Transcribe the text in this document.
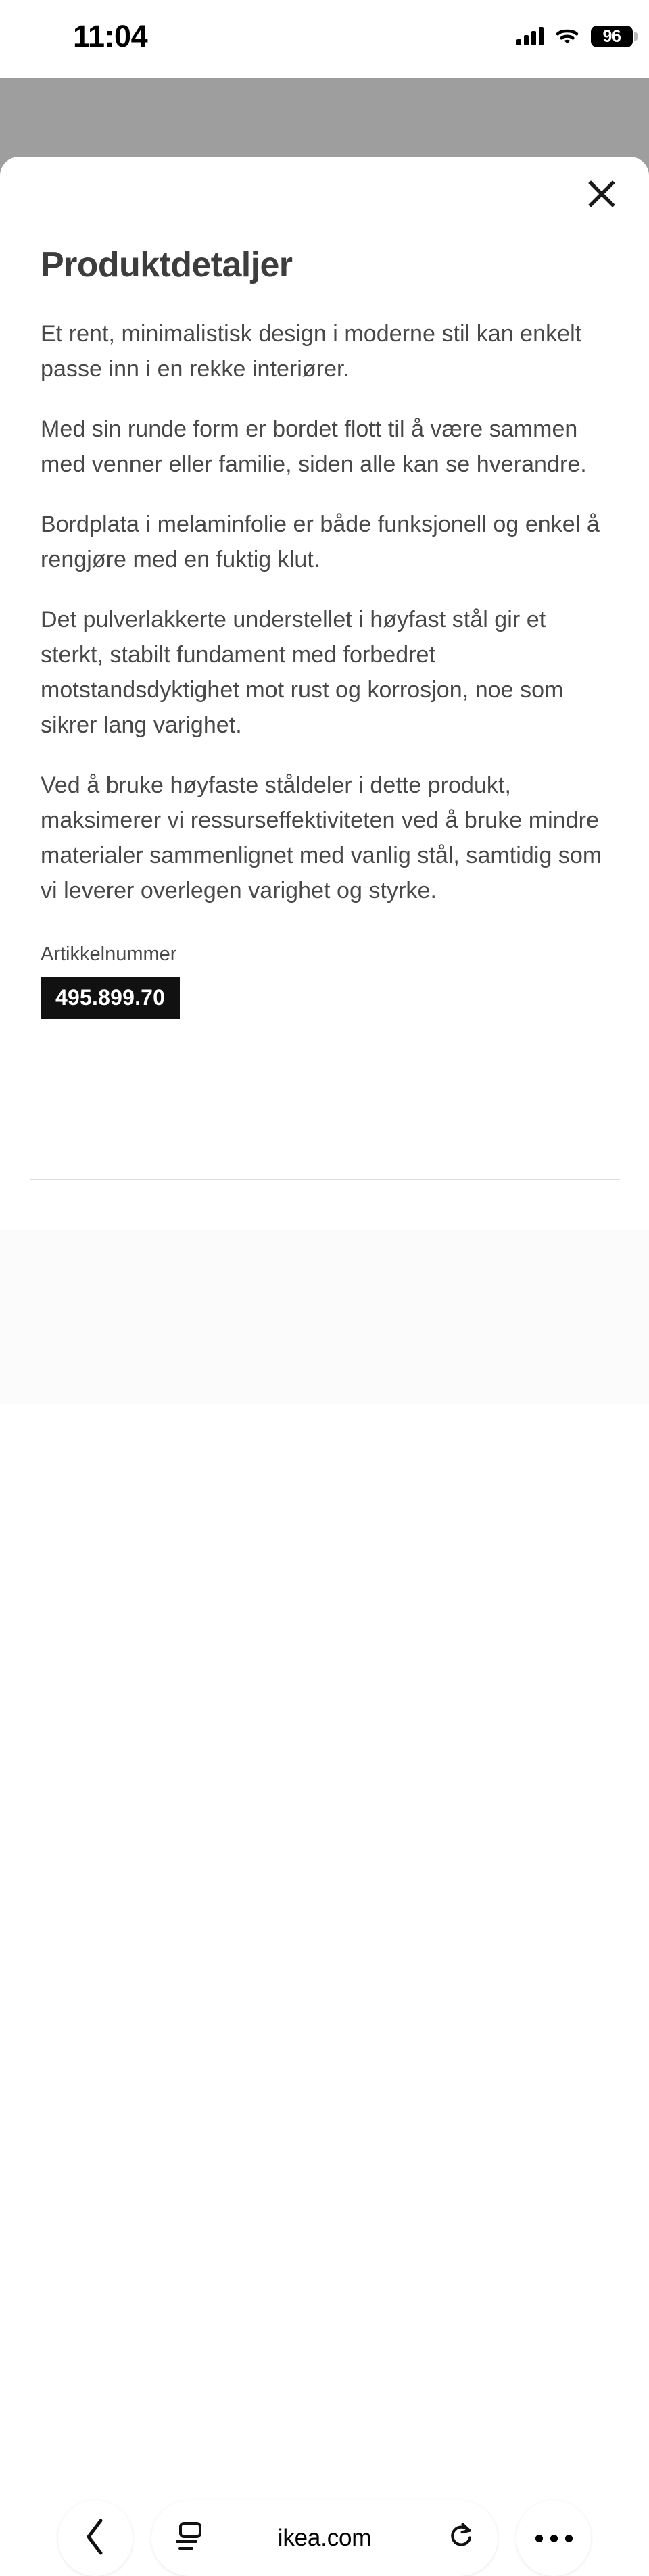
Produktdetaljer

Et rent, minimalistisk design i moderne stil kan enkelt passe inn i en rekke interiører.

Med sin runde form er bordet flott til å være sammen med venner eller familie, siden alle kan se hverandre.

Bordplata i melaminfolie er både funksjonell og enkel å rengjøre med en fuktig klut.

Det pulverlakkerte understellet i høyfast stål gir et sterkt, stabilt fundament med forbedret motstandsdyktighet mot rust og korrosjon, noe som sikrer lang varighet.

Ved å bruke høyfaste ståldeler i dette produkt, maksimerer vi ressurseffektiviteten ved å bruke mindre materialer sammenlignet med vanlig stål, samtidig som vi leverer overlegen varighet og styrke.

Artikkelnummer
495.899.70
11:04	96
ikea.com
